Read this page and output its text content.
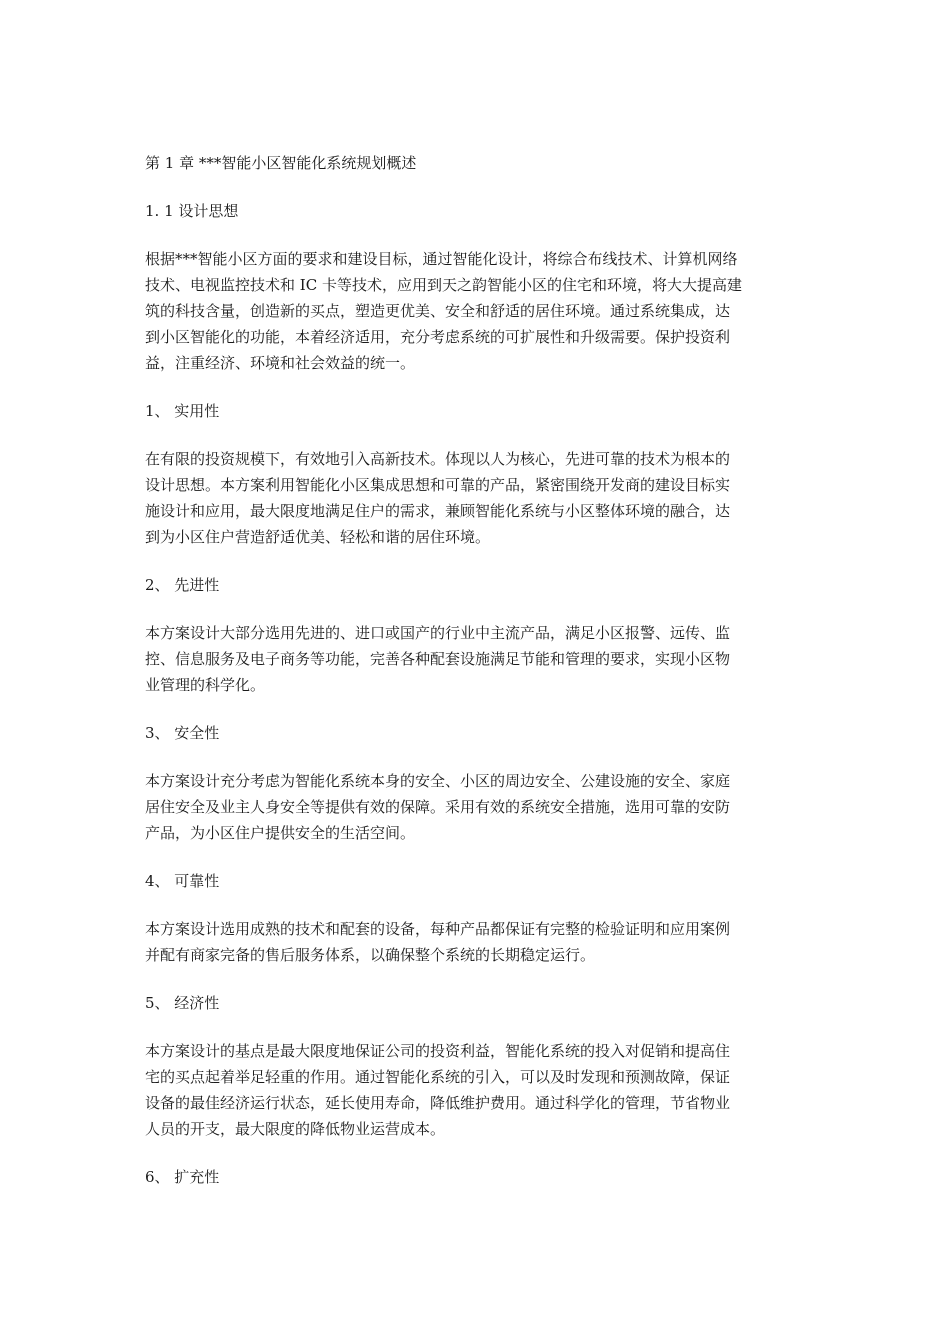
第 1 章 ***智能小区智能化系统规划概述

1. 1 设计思想

根据***智能小区方面的要求和建设目标，通过智能化设计，将综合布线技术、计算机网络

技术、电视监控技术和 IC 卡等技术，应用到天之韵智能小区的住宅和环境，将大大提高建

筑的科技含量，创造新的买点，塑造更优美、安全和舒适的居住环境。通过系统集成，达

到小区智能化的功能，本着经济适用，充分考虑系统的可扩展性和升级需要。保护投资利

益，注重经济、环境和社会效益的统一。

1、 实用性

在有限的投资规模下，有效地引入高新技术。体现以人为核心，先进可靠的技术为根本的

设计思想。本方案利用智能化小区集成思想和可靠的产品，紧密围绕开发商的建设目标实

施设计和应用，最大限度地满足住户的需求，兼顾智能化系统与小区整体环境的融合，达

到为小区住户营造舒适优美、轻松和谐的居住环境。

2、 先进性

本方案设计大部分选用先进的、进口或国产的行业中主流产品，满足小区报警、远传、监

控、信息服务及电子商务等功能，完善各种配套设施满足节能和管理的要求，实现小区物

业管理的科学化。

3、 安全性

本方案设计充分考虑为智能化系统本身的安全、小区的周边安全、公建设施的安全、家庭

居住安全及业主人身安全等提供有效的保障。采用有效的系统安全措施，选用可靠的安防

产品，为小区住户提供安全的生活空间。

4、 可靠性

本方案设计选用成熟的技术和配套的设备，每种产品都保证有完整的检验证明和应用案例

并配有商家完备的售后服务体系，以确保整个系统的长期稳定运行。

5、 经济性

本方案设计的基点是最大限度地保证公司的投资利益，智能化系统的投入对促销和提高住

宅的买点起着举足轻重的作用。通过智能化系统的引入，可以及时发现和预测故障，保证

设备的最佳经济运行状态，延长使用寿命，降低维护费用。通过科学化的管理，节省物业

人员的开支，最大限度的降低物业运营成本。

6、 扩充性
